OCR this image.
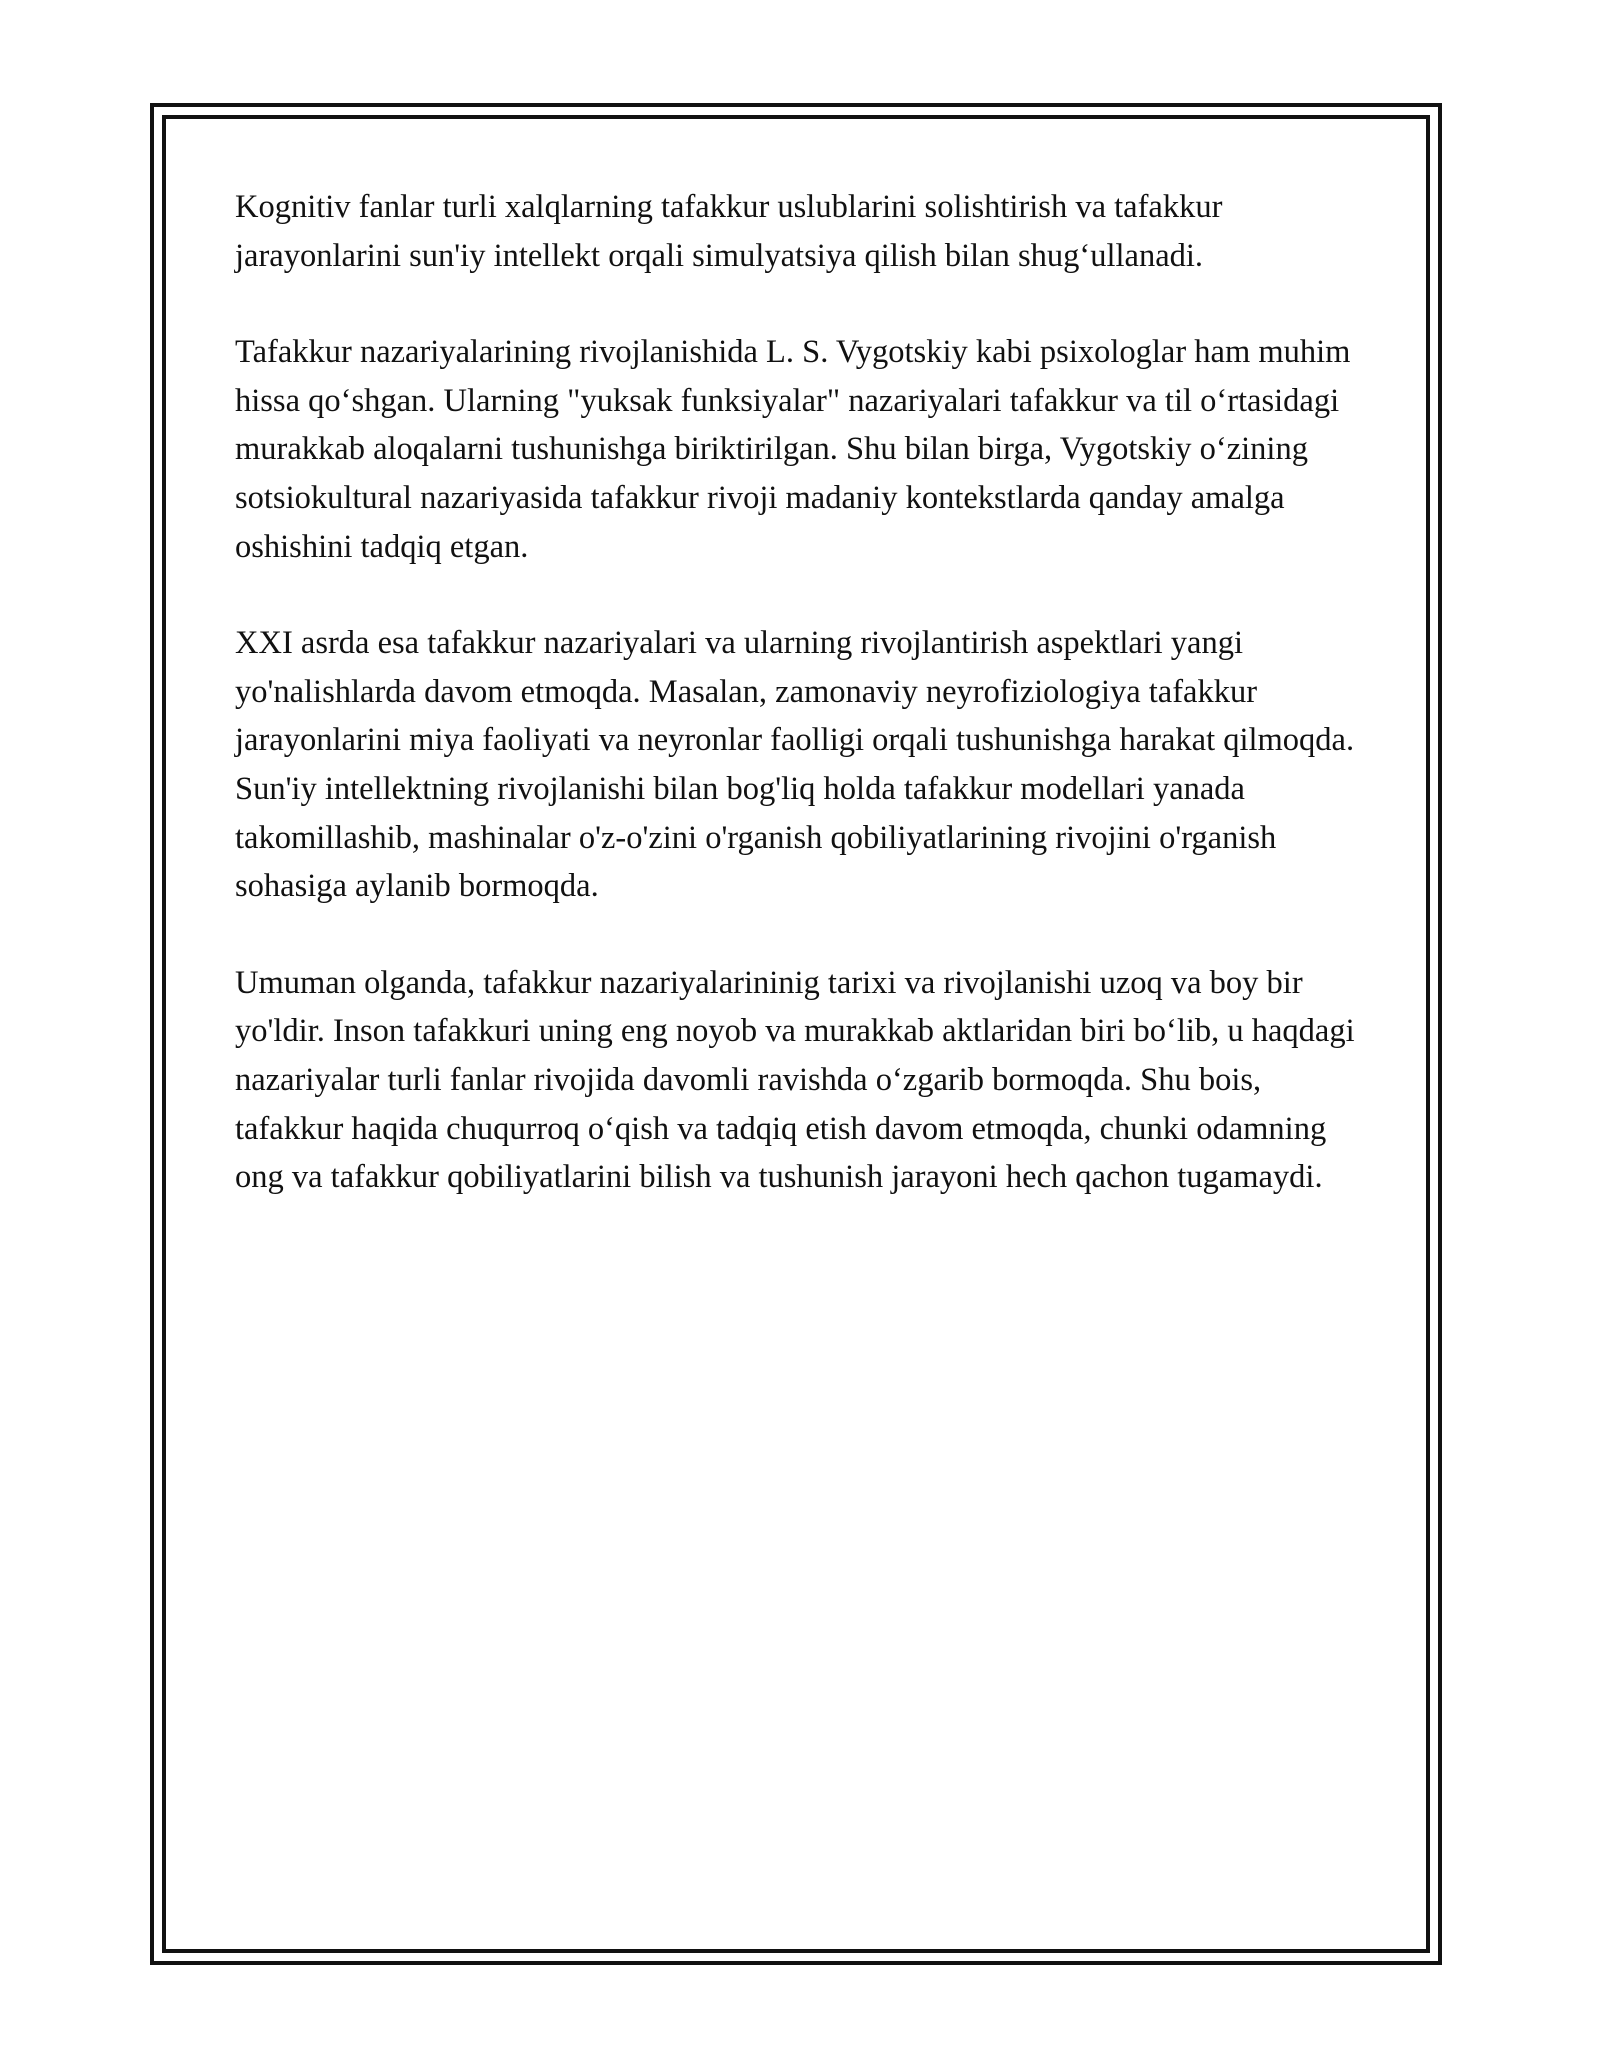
Kognitiv fanlar turli xalqlarning tafakkur uslublarini solishtirish va tafakkur jarayonlarini sun'iy intellekt orqali simulyatsiya qilish bilan shug‘ullanadi.

Tafakkur nazariyalarining rivojlanishida L. S. Vygotskiy kabi psixologlar ham muhim hissa qo‘shgan. Ularning "yuksak funksiyalar" nazariyalari tafakkur va til o‘rtasidagi murakkab aloqalarni tushunishga biriktirilgan. Shu bilan birga, Vygotskiy o‘zining sotsiokultural nazariyasida tafakkur rivoji madaniy kontekstlarda qanday amalga oshishini tadqiq etgan.

XXI asrda esa tafakkur nazariyalari va ularning rivojlantirish aspektlari yangi yo'nalishlarda davom etmoqda. Masalan, zamonaviy neyrofiziologiya tafakkur jarayonlarini miya faoliyati va neyronlar faolligi orqali tushunishga harakat qilmoqda. Sun'iy intellektning rivojlanishi bilan bog'liq holda tafakkur modellari yanada takomillashib, mashinalar o'z-o'zini o'rganish qobiliyatlarining rivojini o'rganish sohasiga aylanib bormoqda.

Umuman olganda, tafakkur nazariyalarininig tarixi va rivojlanishi uzoq va boy bir yo'ldir. Inson tafakkuri uning eng noyob va murakkab aktlaridan biri bo‘lib, u haqdagi nazariyalar turli fanlar rivojida davomli ravishda o‘zgarib bormoqda. Shu bois, tafakkur haqida chuqurroq o‘qish va tadqiq etish davom etmoqda, chunki odamning ong va tafakkur qobiliyatlarini bilish va tushunish jarayoni hech qachon tugamaydi.
